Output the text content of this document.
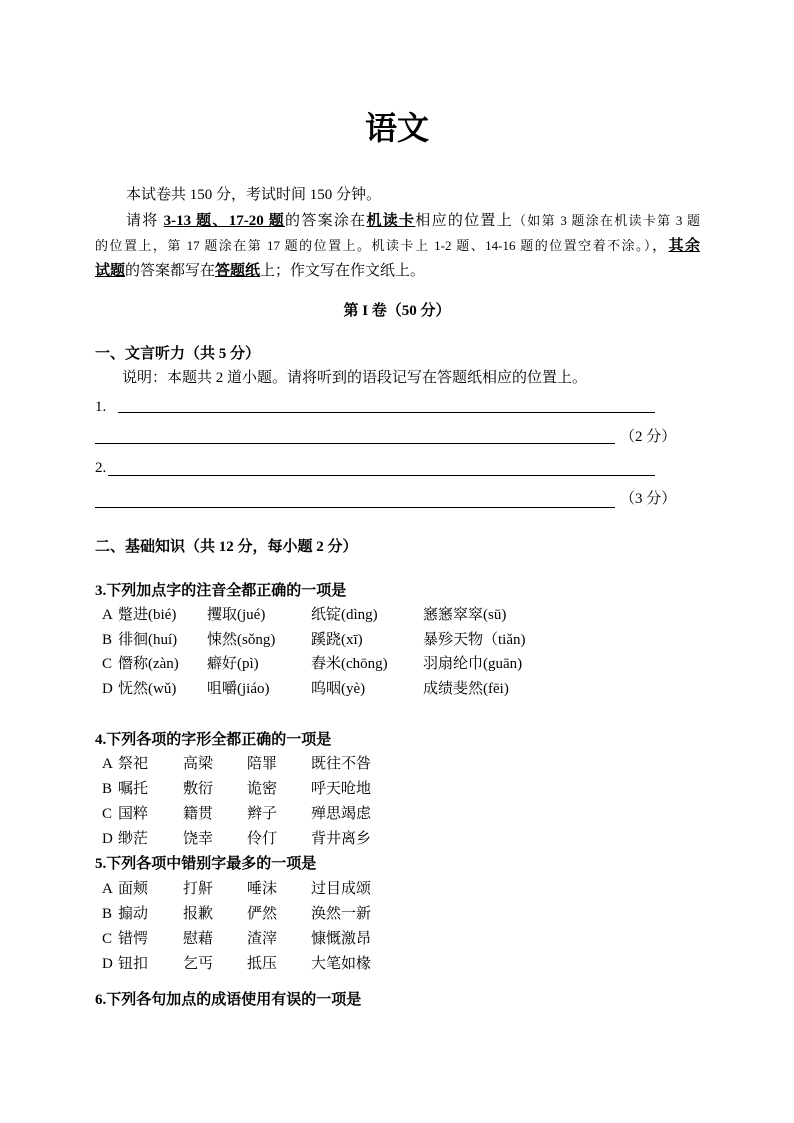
语文
本试卷共 150 分，考试时间 150 分钟。
请将 3-13 题、17-20 题的答案涂在机读卡相应的位置上（如第 3 题涂在机读卡第 3 题
的位置上，第 17 题涂在第 17 题的位置上。机读卡上 1-2 题、14-16 题的位置空着不涂。），其余
试题的答案都写在答题纸上；作文写在作文纸上。
第 I 卷（50 分）
一、文言听力（共 5 分）
说明：本题共 2 道小题。请将听到的语段记写在答题纸相应的位置上。
1.
（2 分）
2.
（3 分）
二、基础知识（共 12 分，每小题 2 分）
3.下列加点字的注音全都正确的一项是
A 蹩进(bié) 攫取(jué)	纸锭(dìng)	窸窸窣窣(sū)
B 徘徊(huí) 悚然(sǒng) 蹊跷(xī)	暴殄天物（tiǎn)
C 僭称(zàn) 癖好(pì)	舂米(chōng) 羽扇纶巾(guān)
D 怃然(wǔ) 咀嚼(jiáo)	呜咽(yè)	成绩斐然(fēi)
4.下列各项的字形全都正确的一项是
A 祭祀 高梁 陪罪 既往不咎
B 嘱托 敷衍 诡密 呼天呛地
C 国粹 籍贯 辫子 殚思竭虑
D 缈茫 饶幸 伶仃 背井离乡
5.下列各项中错别字最多的一项是
A 面颊 打鼾 唾沫 过目成颂
B 搧动 报歉 俨然 涣然一新
C 错愕 慰藉 渣滓 慷慨激昂
D 钮扣 乞丐 抵压 大笔如椽
6.下列各句加点的成语使用有误的一项是
